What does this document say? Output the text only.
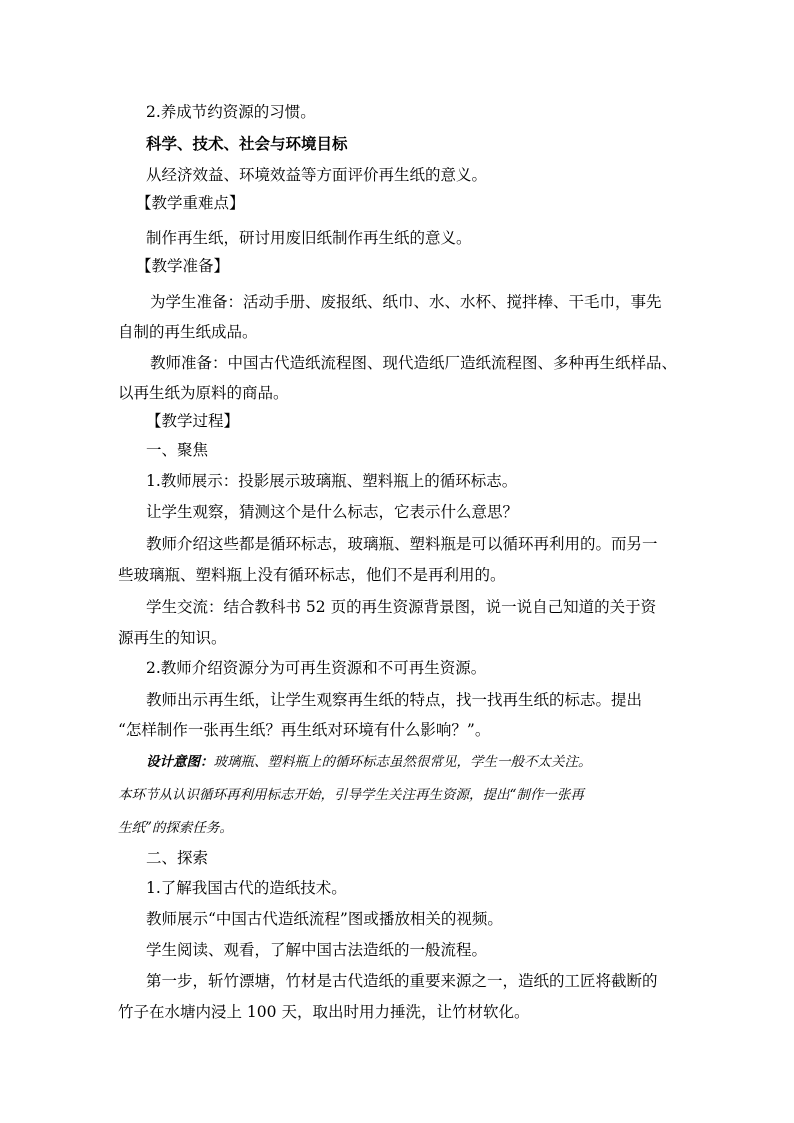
2.养成节约资源的习惯。
科学、技术、社会与环境目标
从经济效益、环境效益等方面评价再生纸的意义。
【教学重难点】
制作再生纸，研讨用废旧纸制作再生纸的意义。
【教学准备】
为学生准备：活动手册、废报纸、纸巾、水、水杯、搅拌棒、干毛巾，事先
自制的再生纸成品。
教师准备：中国古代造纸流程图、现代造纸厂造纸流程图、多种再生纸样品、
以再生纸为原料的商品。
【教学过程】
一、聚焦
1.教师展示：投影展示玻璃瓶、塑料瓶上的循环标志。
让学生观察，猜测这个是什么标志，它表示什么意思？
教师介绍这些都是循环标志，玻璃瓶、塑料瓶是可以循环再利用的。而另一
些玻璃瓶、塑料瓶上没有循环标志，他们不是再利用的。
学生交流：结合教科书 52 页的再生资源背景图，说一说自己知道的关于资
源再生的知识。
2.教师介绍资源分为可再生资源和不可再生资源。
教师出示再生纸，让学生观察再生纸的特点，找一找再生纸的标志。提出
“怎样制作一张再生纸？再生纸对环境有什么影响？”。
设计意图：玻璃瓶、塑料瓶上的循环标志虽然很常见，学生一般不太关注。
本环节从认识循环再利用标志开始，引导学生关注再生资源，提出“制作一张再
生纸”的探索任务。
二、探索
1.了解我国古代的造纸技术。
教师展示“中国古代造纸流程”图或播放相关的视频。
学生阅读、观看，了解中国古法造纸的一般流程。
第一步，斩竹漂塘，竹材是古代造纸的重要来源之一，造纸的工匠将截断的
竹子在水塘内浸上 100 天，取出时用力捶洗，让竹材软化。
